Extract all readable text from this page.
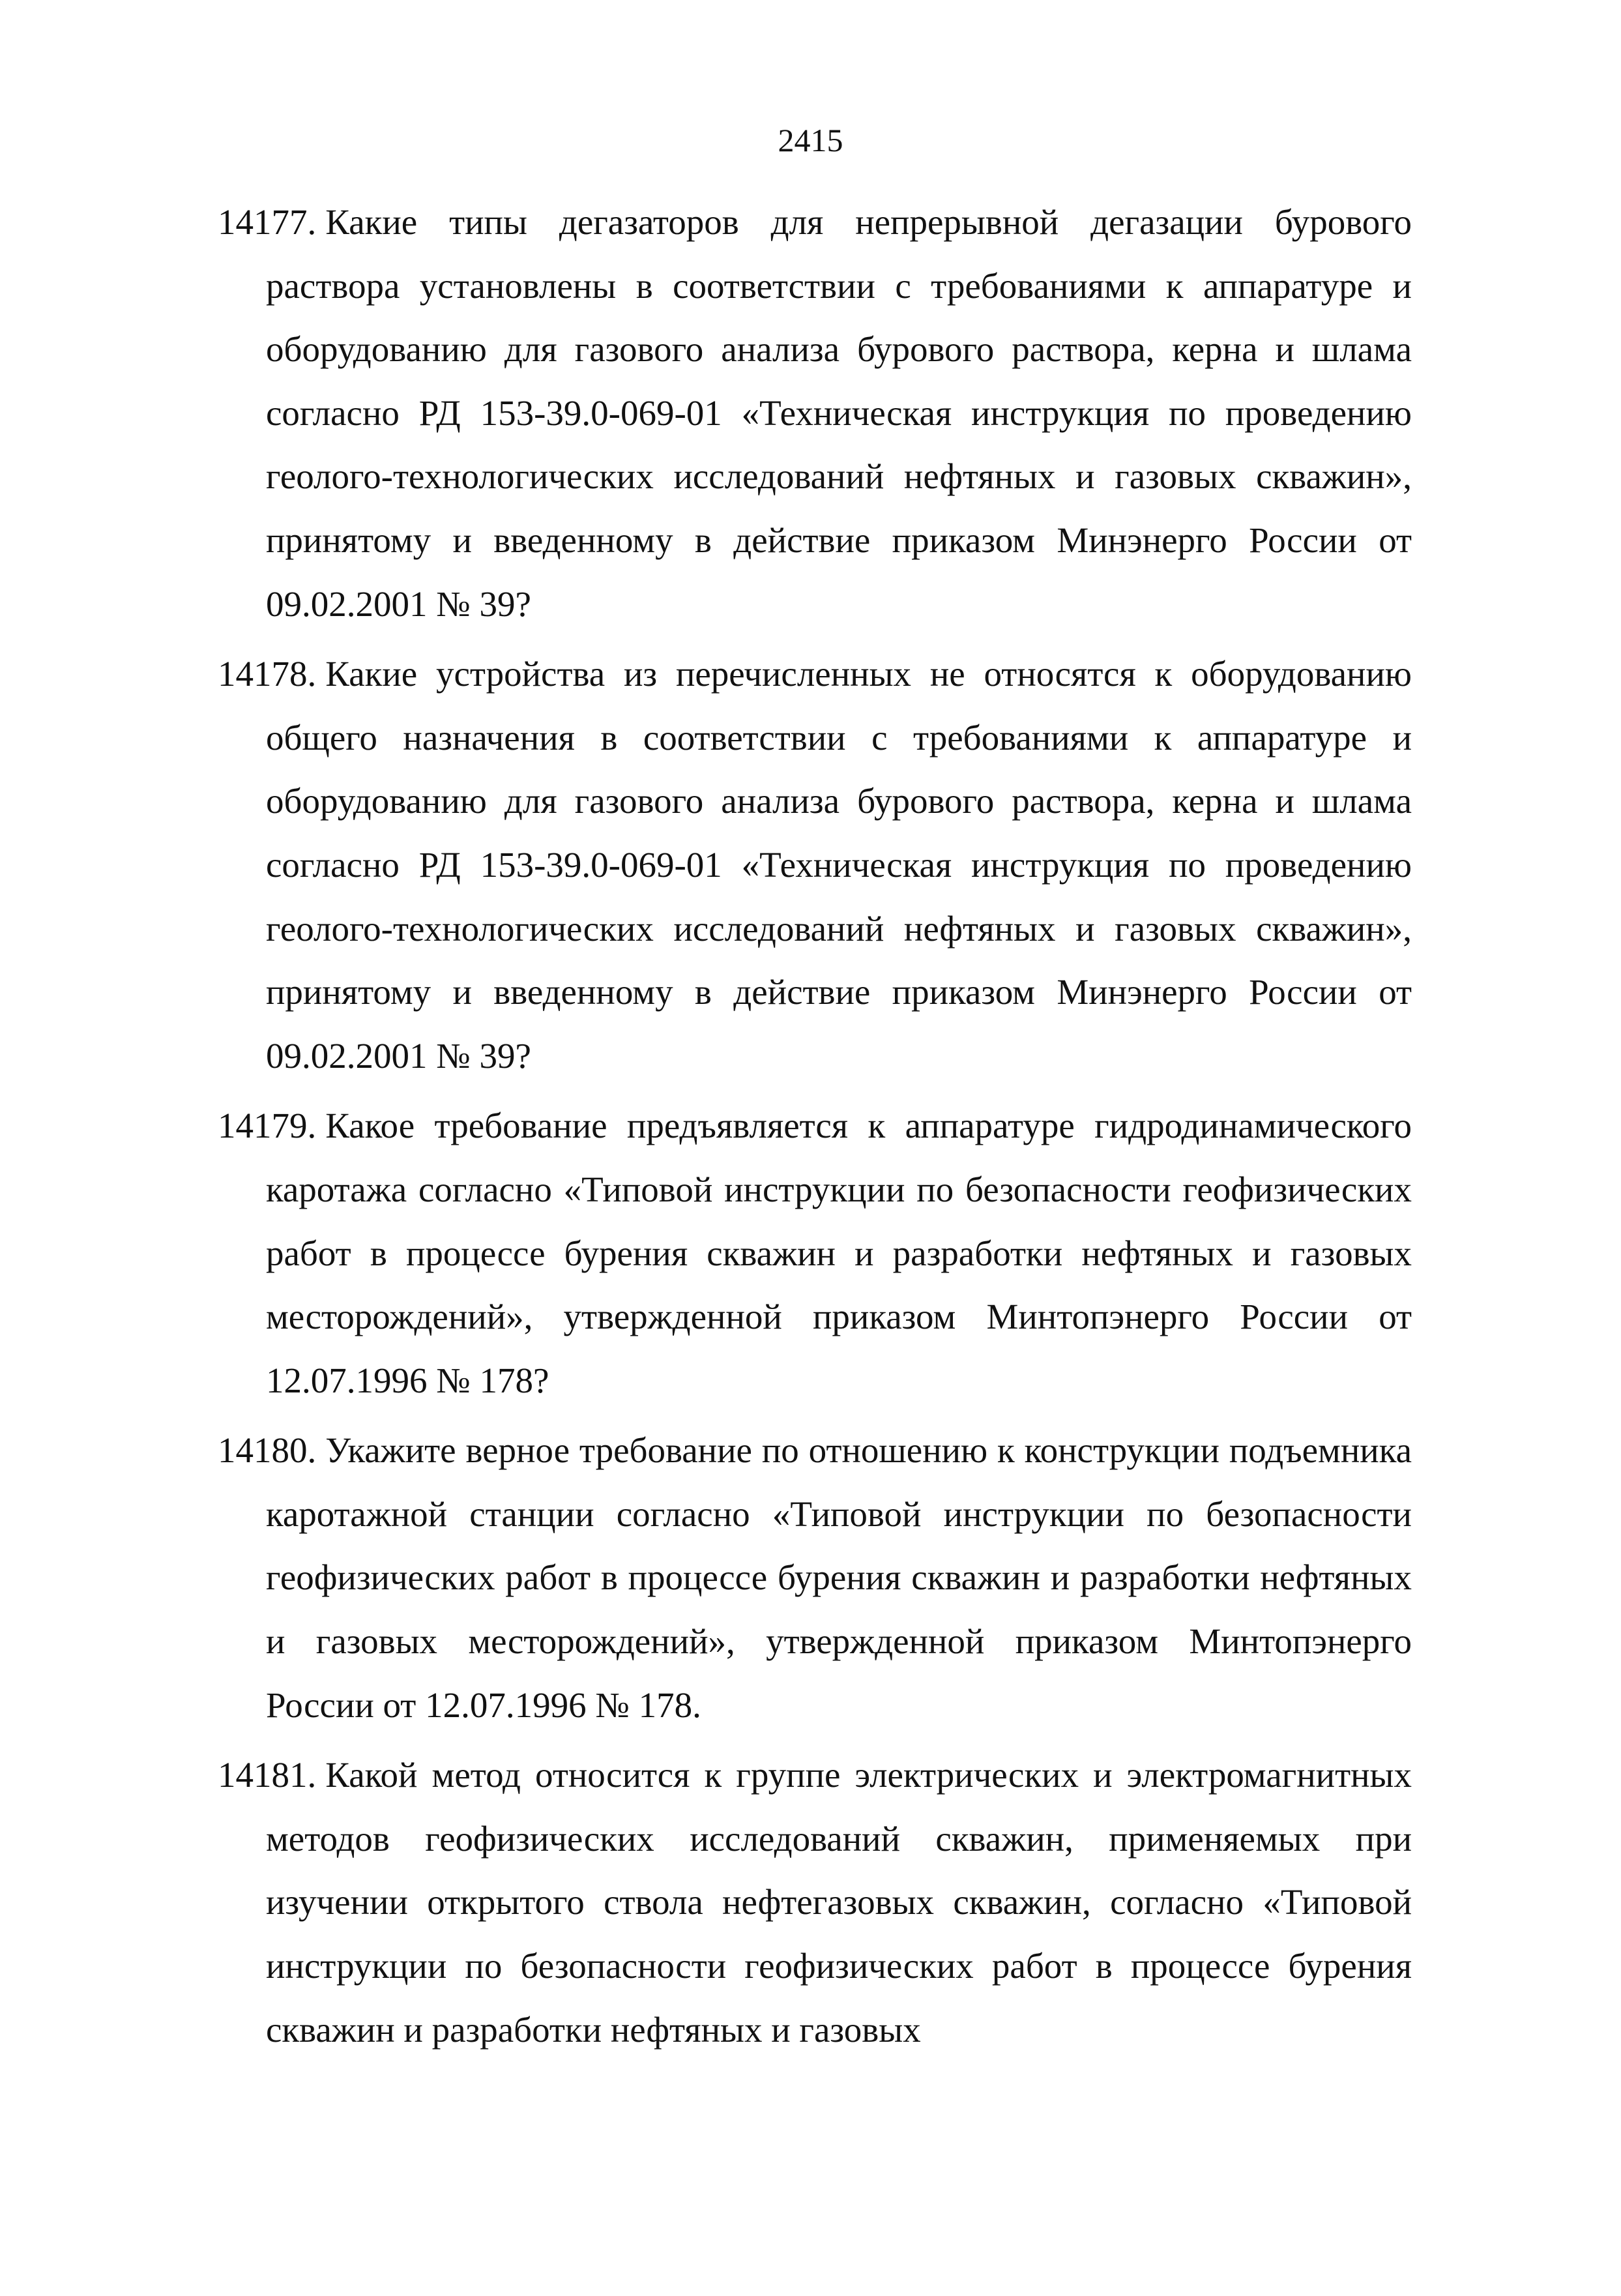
2415

14177. Какие типы дегазаторов для непрерывной дегазации бурового раствора установлены в соответствии с требованиями к аппаратуре и оборудованию для газового анализа бурового раствора, керна и шлама согласно РД 153-39.0-069-01 «Техническая инструкция по проведению геолого-технологических исследований нефтяных и газовых скважин», принятому и введенному в действие приказом Минэнерго России от 09.02.2001 № 39?

14178. Какие устройства из перечисленных не относятся к оборудованию общего назначения в соответствии с требованиями к аппаратуре и оборудованию для газового анализа бурового раствора, керна и шлама согласно РД 153-39.0-069-01 «Техническая инструкция по проведению геолого-технологических исследований нефтяных и газовых скважин», принятому и введенному в действие приказом Минэнерго России от 09.02.2001 № 39?

14179. Какое требование предъявляется к аппаратуре гидродинамического каротажа согласно «Типовой инструкции по безопасности геофизических работ в процессе бурения скважин и разработки нефтяных и газовых месторождений», утвержденной приказом Минтопэнерго России от 12.07.1996 № 178?

14180. Укажите верное требование по отношению к конструкции подъемника каротажной станции согласно «Типовой инструкции по безопасности геофизических работ в процессе бурения скважин и разработки нефтяных и газовых месторождений», утвержденной приказом Минтопэнерго России от 12.07.1996 № 178.

14181. Какой метод относится к группе электрических и электромагнитных методов геофизических исследований скважин, применяемых при изучении открытого ствола нефтегазовых скважин, согласно «Типовой инструкции по безопасности геофизических работ в процессе бурения скважин и разработки нефтяных и газовых
